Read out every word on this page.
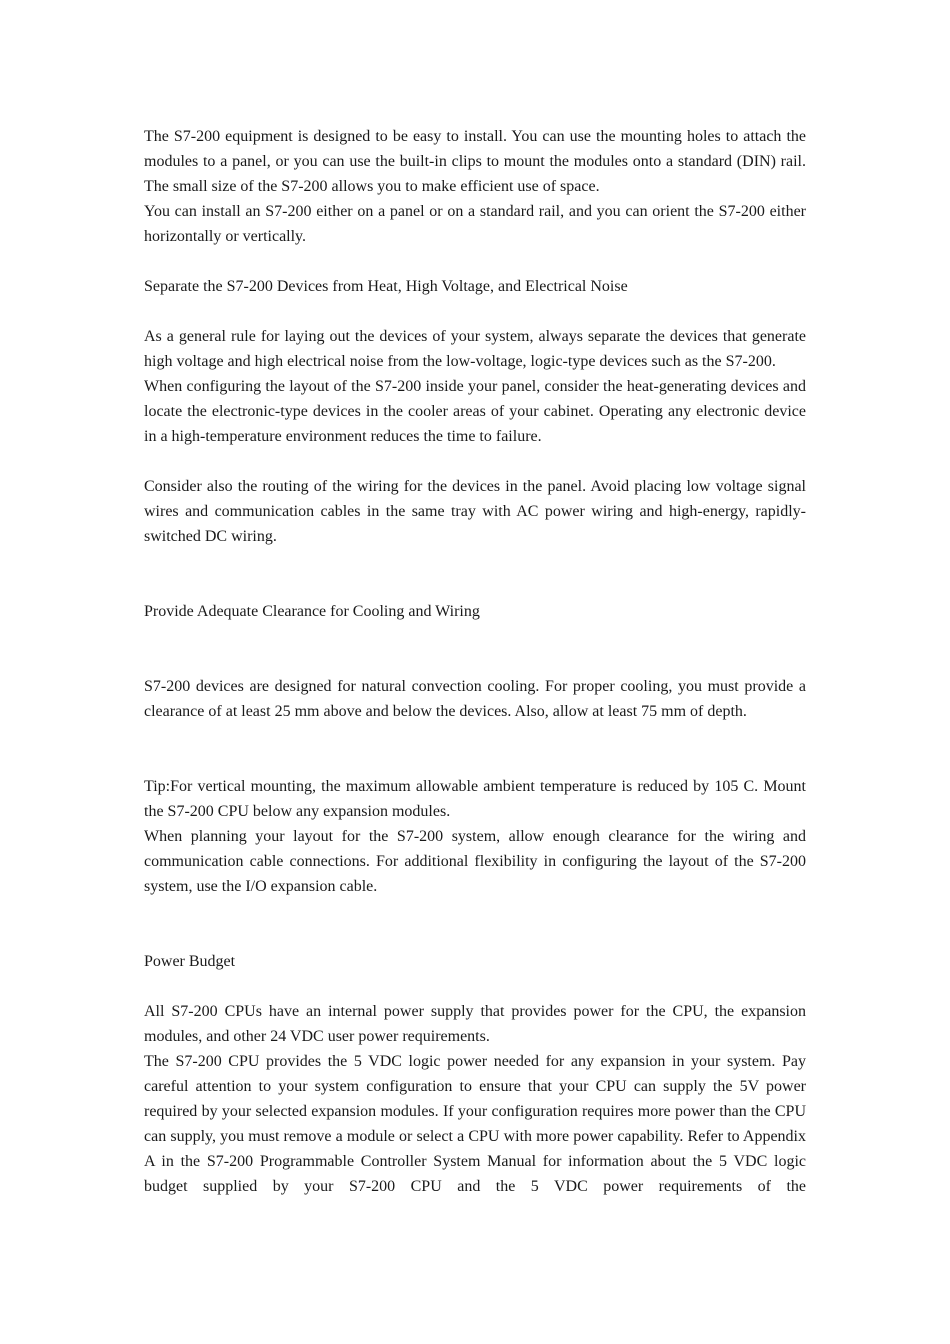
The S7-200 equipment is designed to be easy to install. You can use the mounting holes to attach the modules to a panel, or you can use the built-in clips to mount the modules onto a standard (DIN) rail. The small size of the S7-200 allows you to make efficient use of space.

You can install an S7-200 either on a panel or on a standard rail, and you can orient the S7-200 either horizontally or vertically.

Separate the S7-200 Devices from Heat, High Voltage, and Electrical Noise

As a general rule for laying out the devices of your system, always separate the devices that generate high voltage and high electrical noise from the low-voltage, logic-type devices such as the S7-200.

When configuring the layout of the S7-200 inside your panel, consider the heat-generating devices and locate the electronic-type devices in the cooler areas of your cabinet. Operating any electronic device in a high-temperature environment reduces the time to failure.

Consider also the routing of the wiring for the devices in the panel. Avoid placing low voltage signal wires and communication cables in the same tray with AC power wiring and high-energy, rapidly-switched DC wiring.

Provide Adequate Clearance for Cooling and Wiring

S7-200 devices are designed for natural convection cooling. For proper cooling, you must provide a clearance of at least 25 mm above and below the devices. Also, allow at least 75 mm of depth.

Tip:For vertical mounting, the maximum allowable ambient temperature is reduced by 105 C. Mount the S7-200 CPU below any expansion modules.

When planning your layout for the S7-200 system, allow enough clearance for the wiring and communication cable connections. For additional flexibility in configuring the layout of the S7-200 system, use the I/O expansion cable.

Power Budget

All S7-200 CPUs have an internal power supply that provides power for the CPU, the expansion modules, and other 24 VDC user power requirements.

The S7-200 CPU provides the 5 VDC logic power needed for any expansion in your system. Pay careful attention to your system configuration to ensure that your CPU can supply the 5V power required by your selected expansion modules. If your configuration requires more power than the CPU can supply, you must remove a module or select a CPU with more power capability. Refer to Appendix A in the S7-200 Programmable Controller System Manual for information about the 5 VDC logic budget supplied by your S7-200 CPU and the 5 VDC power requirements of the
